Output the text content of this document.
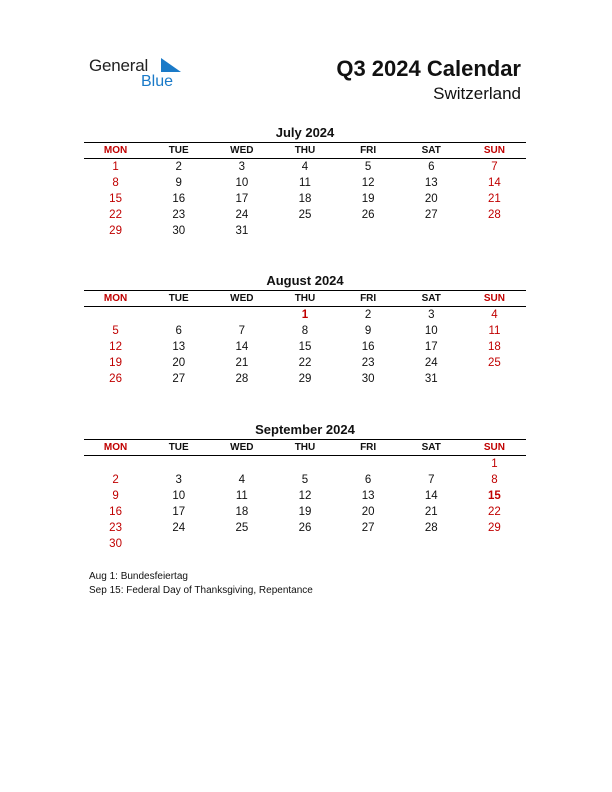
General
Blue
Q3 2024 Calendar
Switzerland
July 2024
MON	TUE	WED	THU	FRI	SAT	SUN
1	2	3	4	5	6	7
8	9	10	11	12	13	14
15	16	17	18	19	20	21
22	23	24	25	26	27	28
29	30	31				
August 2024
MON	TUE	WED	THU	FRI	SAT	SUN
			1	2	3	4
5	6	7	8	9	10	11
12	13	14	15	16	17	18
19	20	21	22	23	24	25
26	27	28	29	30	31	
September 2024
MON	TUE	WED	THU	FRI	SAT	SUN
						1
2	3	4	5	6	7	8
9	10	11	12	13	14	15
16	17	18	19	20	21	22
23	24	25	26	27	28	29
30						
Aug 1: Bundesfeiertag
Sep 15: Federal Day of Thanksgiving, Repentance
